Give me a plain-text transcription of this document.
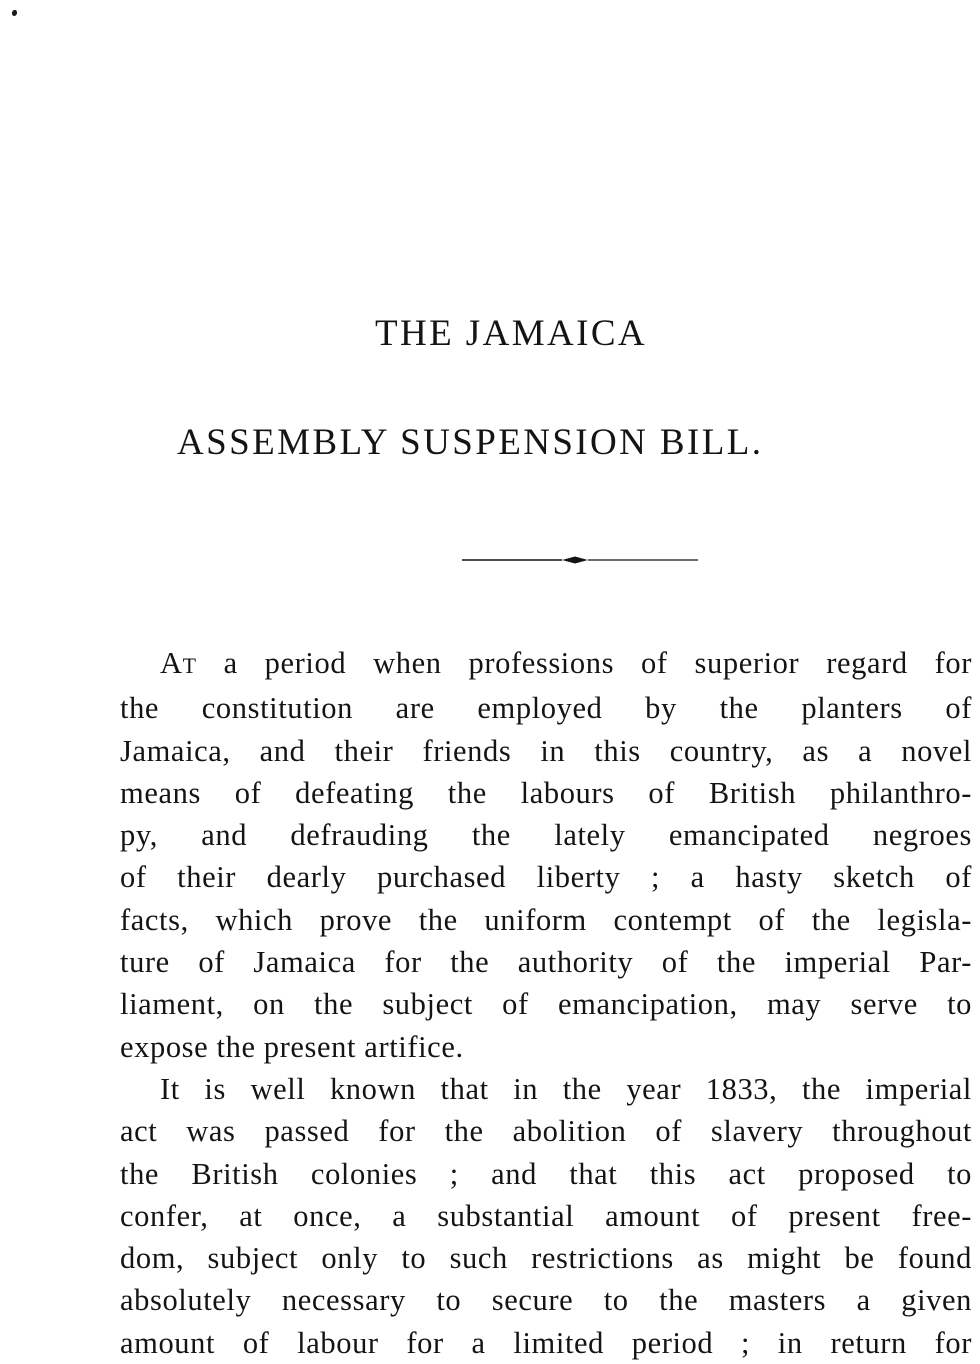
THE JAMAICA
ASSEMBLY SUSPENSION BILL.
AT a period when professions of superior regard for
the constitution are employed by the planters of
Jamaica, and their friends in this country, as a novel
means of defeating the labours of British philanthro-
py, and defrauding the lately emancipated negroes
of their dearly purchased liberty ; a hasty sketch of
facts, which prove the uniform contempt of the legisla-
ture of Jamaica for the authority of the imperial Par-
liament, on the subject of emancipation, may serve to
expose the present artifice.
It is well known that in the year 1833, the imperial
act was passed for the abolition of slavery throughout
the British colonies ; and that this act proposed to
confer, at once, a substantial amount of present free-
dom, subject only to such restrictions as might be found
absolutely necessary to secure to the masters a given
amount of labour for a limited period ; in return for
